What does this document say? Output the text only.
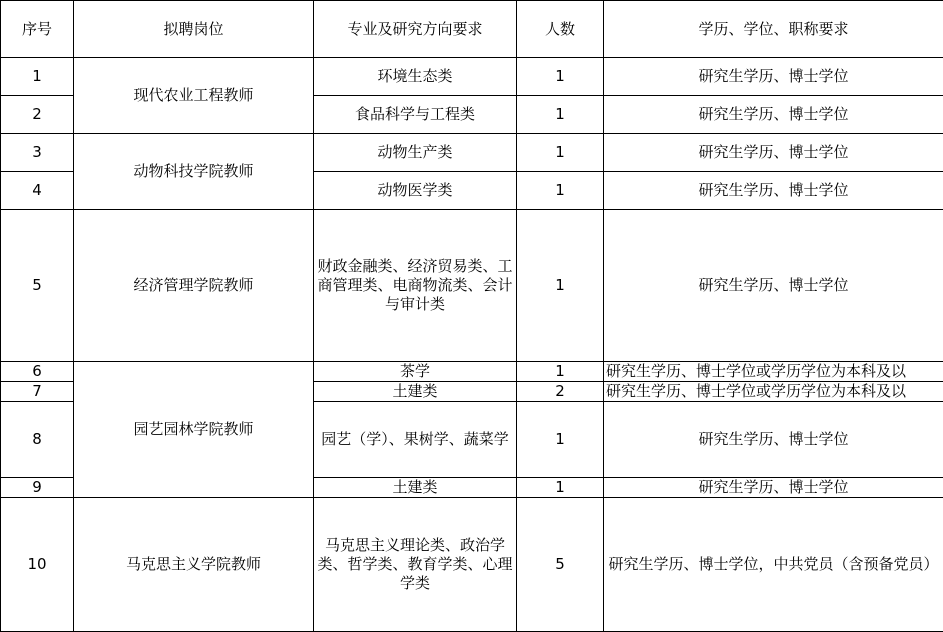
序号	拟聘岗位	专业及研究方向要求	人数	学历、学位、职称要求
1	现代农业工程教师	环境生态类	1	研究生学历、博士学位
2		食品科学与工程类	1	研究生学历、博士学位
3	动物科技学院教师	动物生产类	1	研究生学历、博士学位
4		动物医学类	1	研究生学历、博士学位
5	经济管理学院教师	财政金融类、经济贸易类、工商管理类、电商物流类、会计与审计类	1	研究生学历、博士学位
6	园艺园林学院教师	茶学	1	研究生学历、博士学位或学历学位为本科及以
7		土建类	2	研究生学历、博士学位或学历学位为本科及以
8		园艺（学）、果树学、蔬菜学	1	研究生学历、博士学位
9		土建类	1	研究生学历、博士学位
10	马克思主义学院教师	马克思主义理论类、政治学类、哲学类、教育学类、心理学类	5	研究生学历、博士学位，中共党员（含预备党员）
